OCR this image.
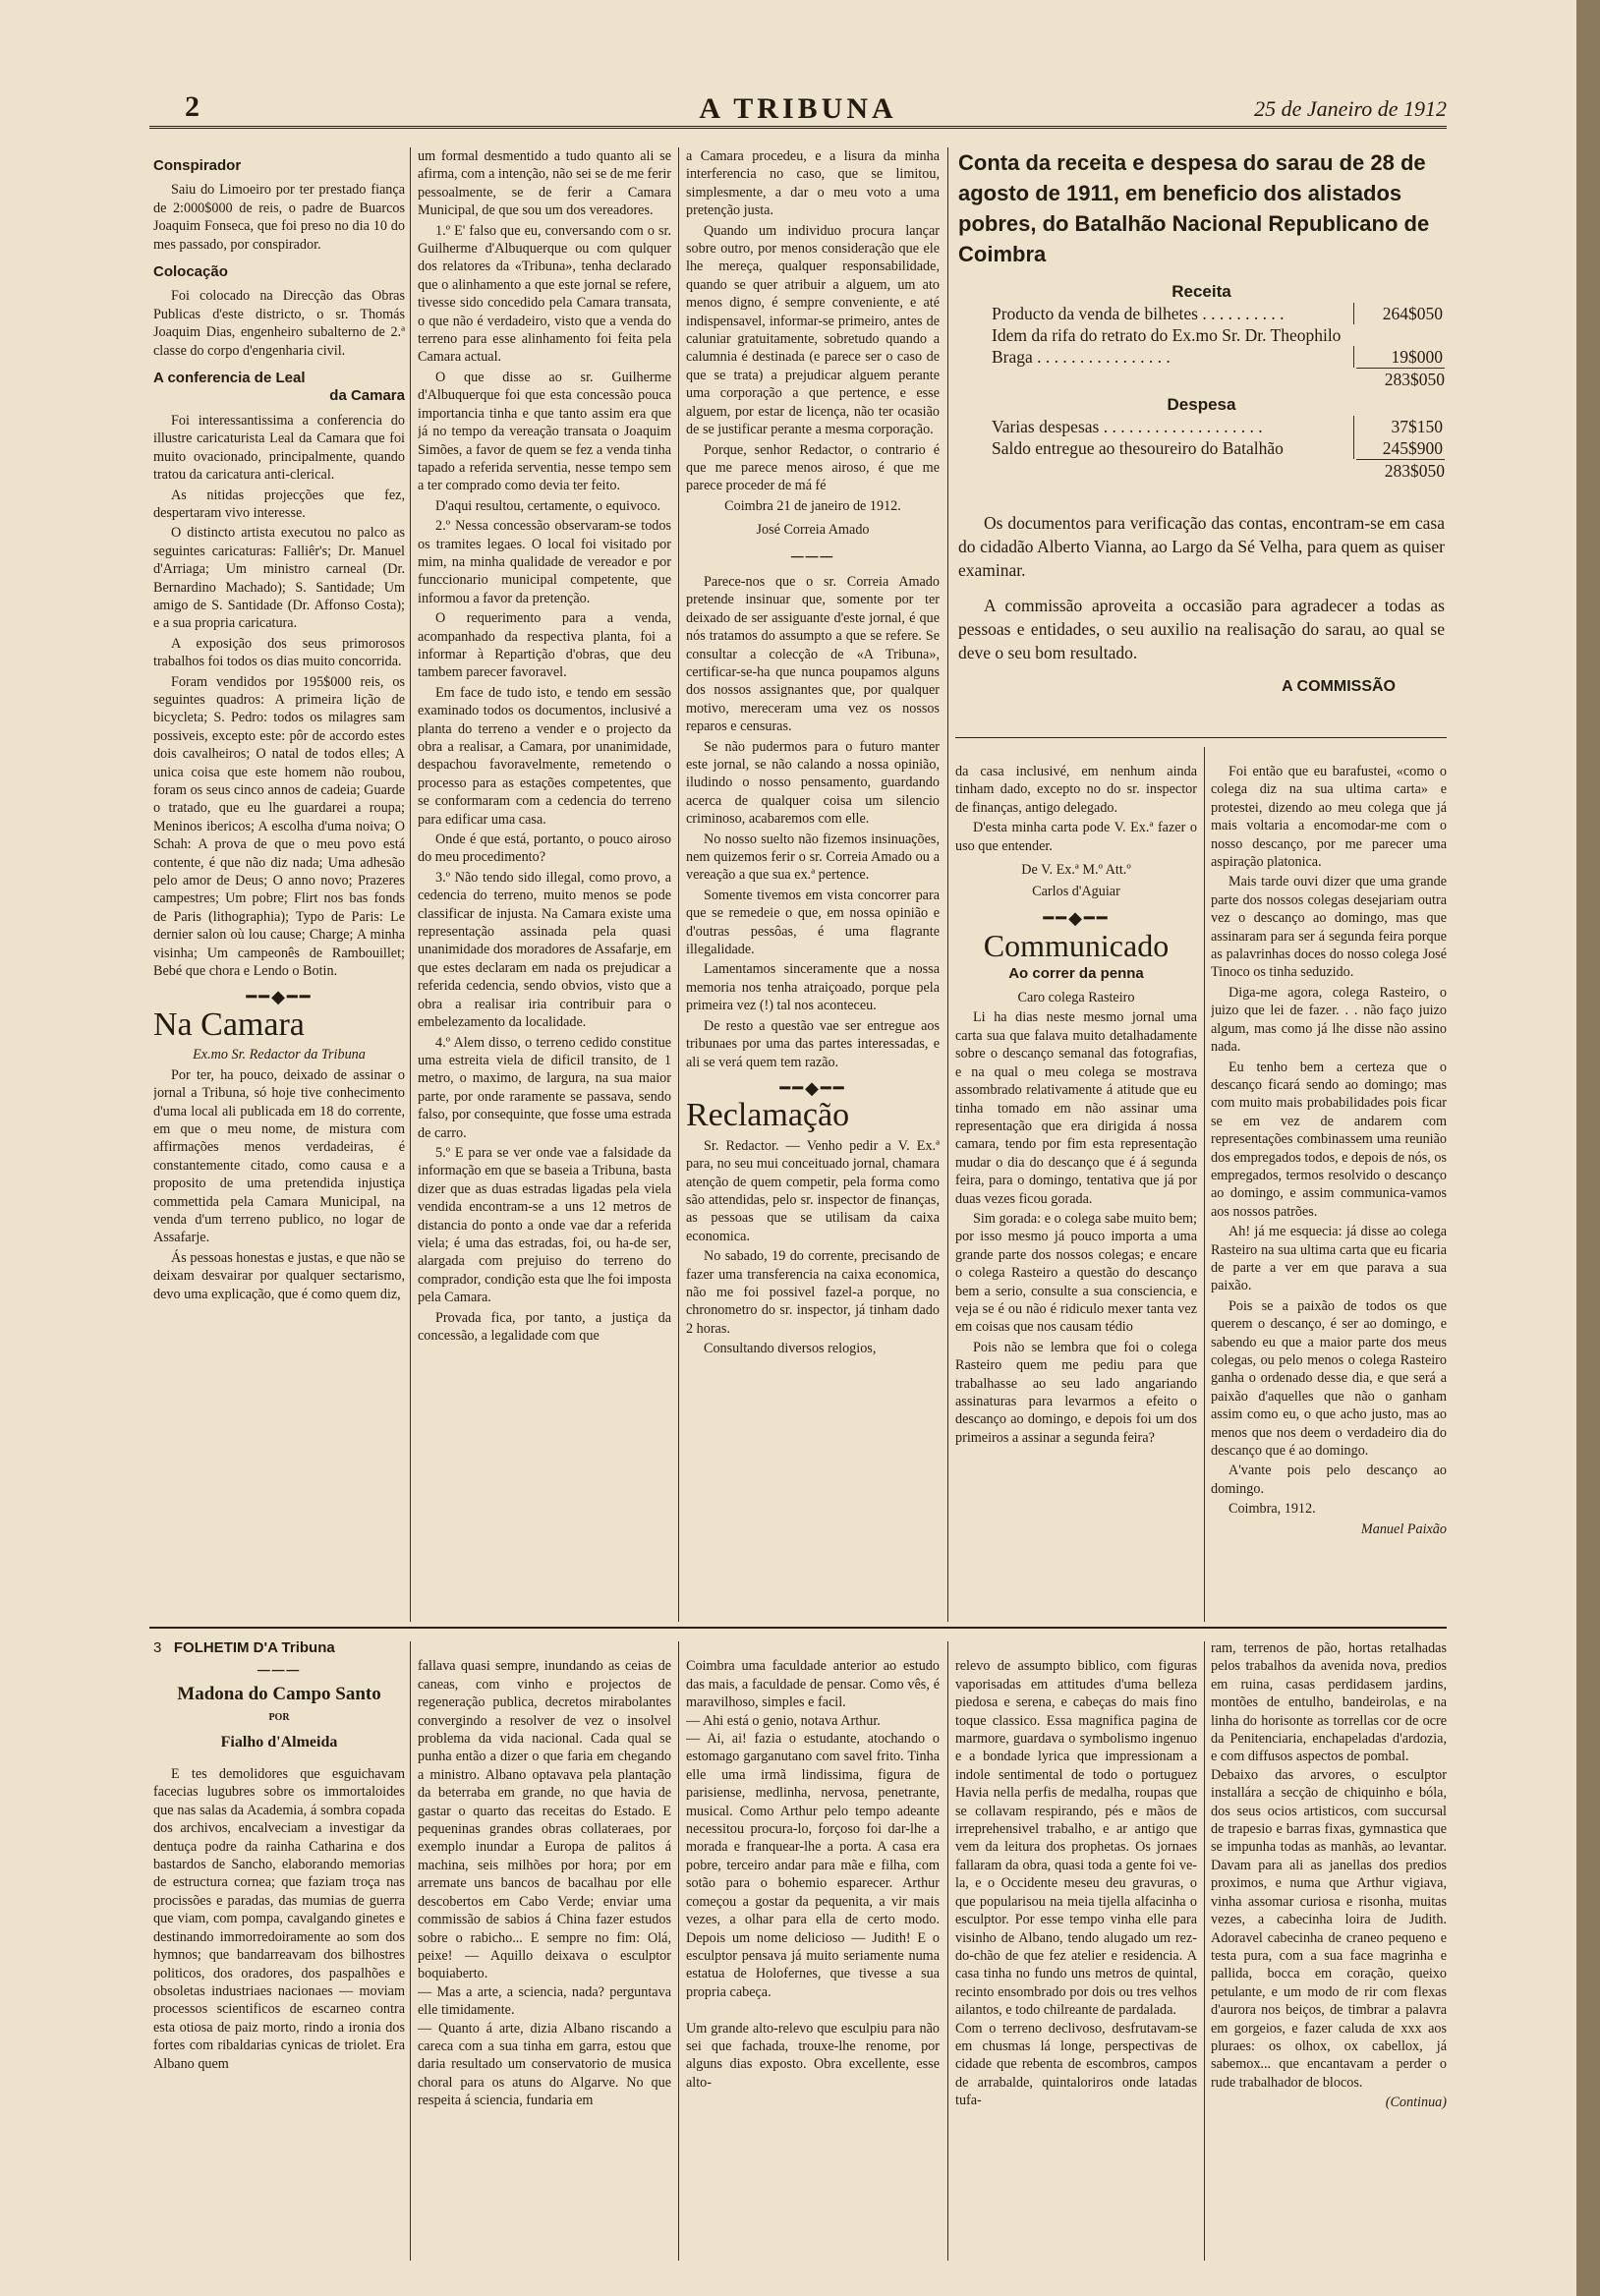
2	A TRIBUNA	25 de Janeiro de 1912
Conspirador

Saiu do Limoeiro por ter prestado fiança de 2:000$000 de reis, o padre de Buarcos Joaquim Fonseca, que foi preso no dia 10 do mes passado, por conspirador.

Colocação

Foi colocado na Direcção das Obras Publicas d'este districto, o sr. Thomás Joaquim Dias, engenheiro subalterno de 2.ª classe do corpo d'engenharia civil.

A conferencia de Leal
da Camara

Foi interessantissima a conferencia do illustre caricaturista Leal da Camara que foi muito ovacionado, principalmente, quando tratou da caricatura anti-clerical.

As nitidas projecções que fez, despertaram vivo interesse.

O distincto artista executou no palco as seguintes caricaturas: Falliêr's; Dr. Manuel d'Arriaga; Um ministro carneal (Dr. Bernardino Machado); S. Santidade; Um amigo de S. Santidade (Dr. Affonso Costa); e a sua propria caricatura.

A exposição dos seus primorosos trabalhos foi todos os dias muito concorrida.

Foram vendidos por 195$000 reis, os seguintes quadros: A primeira lição de bicycleta; S. Pedro: todos os milagres sam possiveis, excepto este: pôr de accordo estes dois cavalheiros; O natal de todos elles; A unica coisa que este homem não roubou, foram os seus cinco annos de cadeia; Guarde o tratado, que eu lhe guardarei a roupa; Meninos ibericos; A escolha d'uma noiva; O Schah: A prova de que o meu povo está contente, é que não diz nada; Uma adhesão pelo amor de Deus; O anno novo; Prazeres campestres; Um pobre; Flirt nos bas fonds de Paris (lithographia); Typo de Paris: Le dernier salon où lou cause; Charge; A minha visinha; Um campeonês de Rambouillet; Bebé que chora e Lendo o Botin.

━━◆━━
Na Camara

Ex.mo Sr. Redactor da Tribuna

Por ter, ha pouco, deixado de assinar o jornal a Tribuna, só hoje tive conhecimento d'uma local ali publicada em 18 do corrente, em que o meu nome, de mistura com affirmações menos verdadeiras, é constantemente citado, como causa e a proposito de uma pretendida injustiça commettida pela Camara Municipal, na venda d'um terreno publico, no logar de Assafarje.

Ás pessoas honestas e justas, e que não se deixam desvairar por qualquer sectarismo, devo uma explicação, que é como quem diz,

um formal desmentido a tudo quanto ali se afirma, com a intenção, não sei se de me ferir pessoalmente, se de ferir a Camara Municipal, de que sou um dos vereadores.

1.º E' falso que eu, conversando com o sr. Guilherme d'Albuquerque ou com qulquer dos relatores da «Tribuna», tenha declarado que o alinhamento a que este jornal se refere, tivesse sido concedido pela Camara transata, o que não é verdadeiro, visto que a venda do terreno para esse alinhamento foi feita pela Camara actual.

O que disse ao sr. Guilherme d'Albuquerque foi que esta concessão pouca importancia tinha e que tanto assim era que já no tempo da vereação transata o Joaquim Simões, a favor de quem se fez a venda tinha tapado a referida serventia, nesse tempo sem a ter comprado como devia ter feito.

D'aqui resultou, certamente, o equivoco.

2.º Nessa concessão observaram-se todos os tramites legaes. O local foi visitado por mim, na minha qualidade de vereador e por funccionario municipal competente, que informou a favor da pretenção.

O requerimento para a venda, acompanhado da respectiva planta, foi a informar à Repartição d'obras, que deu tambem parecer favoravel.

Em face de tudo isto, e tendo em sessão examinado todos os documentos, inclusivé a planta do terreno a vender e o projecto da obra a realisar, a Camara, por unanimidade, despachou favoravelmente, remetendo o processo para as estações competentes, que se conformaram com a cedencia do terreno para edificar uma casa.

Onde é que está, portanto, o pouco airoso do meu procedimento?

3.º Não tendo sido illegal, como provo, a cedencia do terreno, muito menos se pode classificar de injusta. Na Camara existe uma representação assinada pela quasi unanimidade dos moradores de Assafarje, em que estes declaram em nada os prejudicar a referida cedencia, sendo obvios, visto que a obra a realisar iria contribuir para o embelezamento da localidade.

4.º Alem disso, o terreno cedido constitue uma estreita viela de dificil transito, de 1 metro, o maximo, de largura, na sua maior parte, por onde raramente se passava, sendo falso, por consequinte, que fosse uma estrada de carro.

5.º E para se ver onde vae a falsidade da informação em que se baseia a Tribuna, basta dizer que as duas estradas ligadas pela viela vendida encontram-se a uns 12 metros de distancia do ponto a onde vae dar a referida viela; é uma das estradas, foi, ou ha-de ser, alargada com prejuiso do terreno do comprador, condição esta que lhe foi imposta pela Camara.

Provada fica, por tanto, a justiça da concessão, a legalidade com que

a Camara procedeu, e a lisura da minha interferencia no caso, que se limitou, simplesmente, a dar o meu voto a uma pretenção justa.

Quando um individuo procura lançar sobre outro, por menos consideração que ele lhe mereça, qualquer responsabilidade, quando se quer atribuir a alguem, um ato menos digno, é sempre conveniente, e até indispensavel, informar-se primeiro, antes de caluniar gratuitamente, sobretudo quando a calumnia é destinada (e parece ser o caso de que se trata) a prejudicar alguem perante uma corporação a que pertence, e esse alguem, por estar de licença, não ter ocasião de se justificar perante a mesma corporação.

Porque, senhor Redactor, o contrario é que me parece menos airoso, é que me parece proceder de má fé

Coimbra 21 de janeiro de 1912.

José Correia Amado

───

Parece-nos que o sr. Correia Amado pretende insinuar que, somente por ter deixado de ser assiguante d'este jornal, é que nós tratamos do assumpto a que se refere. Se consultar a colecção de «A Tribuna», certificar-se-ha que nunca poupamos alguns dos nossos assignantes que, por qualquer motivo, mereceram uma vez os nossos reparos e censuras.

Se não pudermos para o futuro manter este jornal, se não calando a nossa opinião, iludindo o nosso pensamento, guardando acerca de qualquer coisa um silencio criminoso, acabaremos com elle.

No nosso suelto não fizemos insinuações, nem quizemos ferir o sr. Correia Amado ou a vereação a que sua ex.ª pertence.

Somente tivemos em vista concorrer para que se remedeie o que, em nossa opinião e d'outras pessôas, é uma flagrante illegalidade.

Lamentamos sinceramente que a nossa memoria nos tenha atraiçoado, porque pela primeira vez (!) tal nos aconteceu.

De resto a questão vae ser entregue aos tribunaes por uma das partes interessadas, e ali se verá quem tem razão.

━━◆━━
Reclamação

Sr. Redactor. — Venho pedir a V. Ex.ª para, no seu mui conceituado jornal, chamara atenção de quem competir, pela forma como são attendidas, pelo sr. inspector de finanças, as pessoas que se utilisam da caixa economica.

No sabado, 19 do corrente, precisando de fazer uma transferencia na caixa economica, não me foi possivel fazel-a porque, no chronometro do sr. inspector, já tinham dado 2 horas.

Consultando diversos relogios,

Conta da receita e despesa do sarau de 28 de agosto de 1911, em beneficio dos alistados pobres, do Batalhão Nacional Republicano de Coimbra
Receita
Producto da venda de bilhetes . . . . . . . . . .	264$050
Idem da rifa do retrato do Ex.mo Sr. Dr. Theophilo Braga . . . . . . . . . . . . . . . .	19$000
283$050
Despesa
Varias despesas . . . . . . . . . . . . . . . . . . .	37$150
Saldo entregue ao thesoureiro do Batalhão	245$900
283$050

Os documentos para verificação das contas, encontram-se em casa do cidadão Alberto Vianna, ao Largo da Sé Velha, para quem as quiser examinar.

A commissão aproveita a occasião para agradecer a todas as pessoas e entidades, o seu auxilio na realisação do sarau, ao qual se deve o seu bom resultado.

A COMMISSÃO

da casa inclusivé, em nenhum ainda tinham dado, excepto no do sr. inspector de finanças, antigo delegado.

D'esta minha carta pode V. Ex.ª fazer o uso que entender.

De V. Ex.ª M.º Att.º

Carlos d'Aguiar

━━◆━━
Communicado
Ao correr da penna

Caro colega Rasteiro

Li ha dias neste mesmo jornal uma carta sua que falava muito detalhadamente sobre o descanço semanal das fotografias, e na qual o meu colega se mostrava assombrado relativamente á atitude que eu tinha tomado em não assinar uma representação que era dirigida á nossa camara, tendo por fim esta representação mudar o dia do descanço que é á segunda feira, para o domingo, tentativa que já por duas vezes ficou gorada.

Sim gorada: e o colega sabe muito bem; por isso mesmo já pouco importa a uma grande parte dos nossos colegas; e encare o colega Rasteiro a questão do descanço bem a serio, consulte a sua consciencia, e veja se é ou não é ridiculo mexer tanta vez em coisas que nos causam tédio

Pois não se lembra que foi o colega Rasteiro quem me pediu para que trabalhasse ao seu lado angariando assinaturas para levarmos a efeito o descanço ao domingo, e depois foi um dos primeiros a assinar a segunda feira?

Foi então que eu barafustei, «como o colega diz na sua ultima carta» e protestei, dizendo ao meu colega que já mais voltaria a encomodar-me com o nosso descanço, por me parecer uma aspiração platonica.

Mais tarde ouvi dizer que uma grande parte dos nossos colegas desejariam outra vez o descanço ao domingo, mas que assinaram para ser á segunda feira porque as palavrinhas doces do nosso colega José Tinoco os tinha seduzido.

Diga-me agora, colega Rasteiro, o juizo que lei de fazer. . . não faço juizo algum, mas como já lhe disse não assino nada.

Eu tenho bem a certeza que o descanço ficará sendo ao domingo; mas com muito mais probabilidades pois ficar se em vez de andarem com representações combinassem uma reunião dos empregados todos, e depois de nós, os empregados, termos resolvido o descanço ao domingo, e assim communica-vamos aos nossos patrões.

Ah! já me esquecia: já disse ao colega Rasteiro na sua ultima carta que eu ficaria de parte a ver em que parava a sua paixão.

Pois se a paixão de todos os que querem o descanço, é ser ao domingo, e sabendo eu que a maior parte dos meus colegas, ou pelo menos o colega Rasteiro ganha o ordenado desse dia, e que será a paixão d'aquelles que não o ganham assim como eu, o que acho justo, mas ao menos que nos deem o verdadeiro dia do descanço que é ao domingo.

A'vante pois pelo descanço ao domingo.

Coimbra, 1912.

Manuel Paixão

3 FOLHETIM D'A Tribuna
───
Madona do Campo Santo
POR
Fialho d'Almeida

E tes demolidores que esguichavam facecias lugubres sobre os immortaloides que nas salas da Academia, á sombra copada dos archivos, encalveciam a investigar da dentuça podre da rainha Catharina e dos bastardos de Sancho, elaborando memorias de estructura cornea; que faziam troça nas procissões e paradas, das mumias de guerra que viam, com pompa, cavalgando ginetes e destinando immorredoiramente ao som dos hymnos; que bandarreavam dos bilhostres politicos, dos oradores, dos paspalhões e obsoletas industriaes nacionaes — moviam processos scientificos de escarneo contra esta otiosa de paiz morto, rindo a ironia dos fortes com ribaldarias cynicas de triolet. Era Albano quem

fallava quasi sempre, inundando as ceias de caneas, com vinho e projectos de regeneração publica, decretos mirabolantes convergindo a resolver de vez o insolvel problema da vida nacional. Cada qual se punha então a dizer o que faria em chegando a ministro. Albano optavava pela plantação da beterraba em grande, no que havia de gastar o quarto das receitas do Estado. E pequeninas grandes obras collateraes, por exemplo inundar a Europa de palitos á machina, seis milhões por hora; por em arremate uns bancos de bacalhau por elle descobertos em Cabo Verde; enviar uma commissão de sabios á China fazer estudos sobre o rabicho... E sempre no fim: Olá, peixe! — Aquillo deixava o esculptor boquiaberto.
— Mas a arte, a sciencia, nada? perguntava elle timidamente.
— Quanto á arte, dizia Albano riscando a careca com a sua tinha em garra, estou que daria resultado um conservatorio de musica choral para os atuns do Algarve. No que respeita á sciencia, fundaria em

Coimbra uma faculdade anterior ao estudo das mais, a faculdade de pensar. Como vês, é maravilhoso, simples e facil.
— Ahi está o genio, notava Arthur.
— Ai, ai! fazia o estudante, atochando o estomago garganutano com savel frito. Tinha elle uma irmã lindissima, figura de parisiense, medlinha, nervosa, penetrante, musical. Como Arthur pelo tempo adeante necessitou procura-lo, forçoso foi dar-lhe a morada e franquear-lhe a porta. A casa era pobre, terceiro andar para mãe e filha, com sotão para o bohemio esparecer. Arthur começou a gostar da pequenita, a vir mais vezes, a olhar para ella de certo modo. Depois um nome delicioso — Judith! E o esculptor pensava já muito seriamente numa estatua de Holofernes, que tivesse a sua propria cabeça.

Um grande alto-relevo que esculpiu para não sei que fachada, trouxe-lhe renome, por alguns dias exposto. Obra excellente, esse alto-

relevo de assumpto biblico, com figuras vaporisadas em attitudes d'uma belleza piedosa e serena, e cabeças do mais fino toque classico. Essa magnifica pagina de marmore, guardava o symbolismo ingenuo e a bondade lyrica que impressionam a indole sentimental de todo o portuguez Havia nella perfis de medalha, roupas que se collavam respirando, pés e mãos de irreprehensivel trabalho, e ar antigo que vem da leitura dos prophetas. Os jornaes fallaram da obra, quasi toda a gente foi ve-la, e o Occidente meseu deu gravuras, o que popularisou na meia tijella alfacinha o esculptor. Por esse tempo vinha elle para visinho de Albano, tendo alugado um rez-do-chão de que fez atelier e residencia. A casa tinha no fundo uns metros de quintal, recinto ensombrado por dois ou tres velhos ailantos, e todo chilreante de pardalada.
Com o terreno declivoso, desfrutavam-se em chusmas lá longe, perspectivas de cidade que rebenta de escombros, campos de arrabalde, quintaloriros onde latadas tufa-

ram, terrenos de pão, hortas retalhadas pelos trabalhos da avenida nova, predios em ruina, casas perdidasem jardins, montões de entulho, bandeirolas, e na linha do horisonte as torrellas cor de ocre da Penitenciaria, enchapeladas d'ardozia, e com diffusos aspectos de pombal.
Debaixo das arvores, o esculptor installára a secção de chiquinho e bóla, dos seus ocios artisticos, com succursal de trapesio e barras fixas, gymnastica que se impunha todas as manhãs, ao levantar. Davam para ali as janellas dos predios proximos, e numa que Arthur vigiava, vinha assomar curiosa e risonha, muitas vezes, a cabecinha loira de Judith. Adoravel cabecinha de craneo pequeno e testa pura, com a sua face magrinha e pallida, bocca em coração, queixo petulante, e um modo de rir com flexas d'aurora nos beiços, de timbrar a palavra em gorgeios, e fazer caluda de xxx aos pluraes: os olhox, ox cabellox, já sabemox... que encantavam a perder o rude trabalhador de blocos.

(Continua)
